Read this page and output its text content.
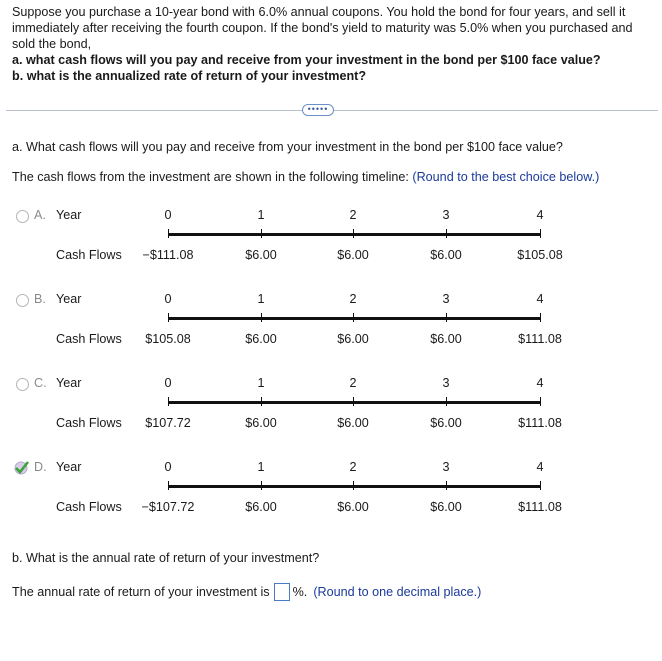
Suppose you purchase a 10-year bond with 6.0% annual coupons. You hold the bond for four years, and sell it immediately after receiving the fourth coupon. If the bond's yield to maturity was 5.0% when you purchased and sold the bond,
a. what cash flows will you pay and receive from your investment in the bond per $100 face value?
b. what is the annualized rate of return of your investment?
•••••
a. What cash flows will you pay and receive from your investment in the bond per $100 face value?
The cash flows from the investment are shown in the following timeline: (Round to the best choice below.)
A. Year	0	1	2	3	4
Cash Flows	−$111.08	$6.00	$6.00	$6.00	$105.08
B. Year	0	1	2	3	4
Cash Flows	$105.08	$6.00	$6.00	$6.00	$111.08
C. Year	0	1	2	3	4
Cash Flows	$107.72	$6.00	$6.00	$6.00	$111.08
D. Year	0	1	2	3	4
Cash Flows	−$107.72	$6.00	$6.00	$6.00	$111.08
b. What is the annual rate of return of your investment?
The annual rate of return of your investment is %. (Round to one decimal place.)
